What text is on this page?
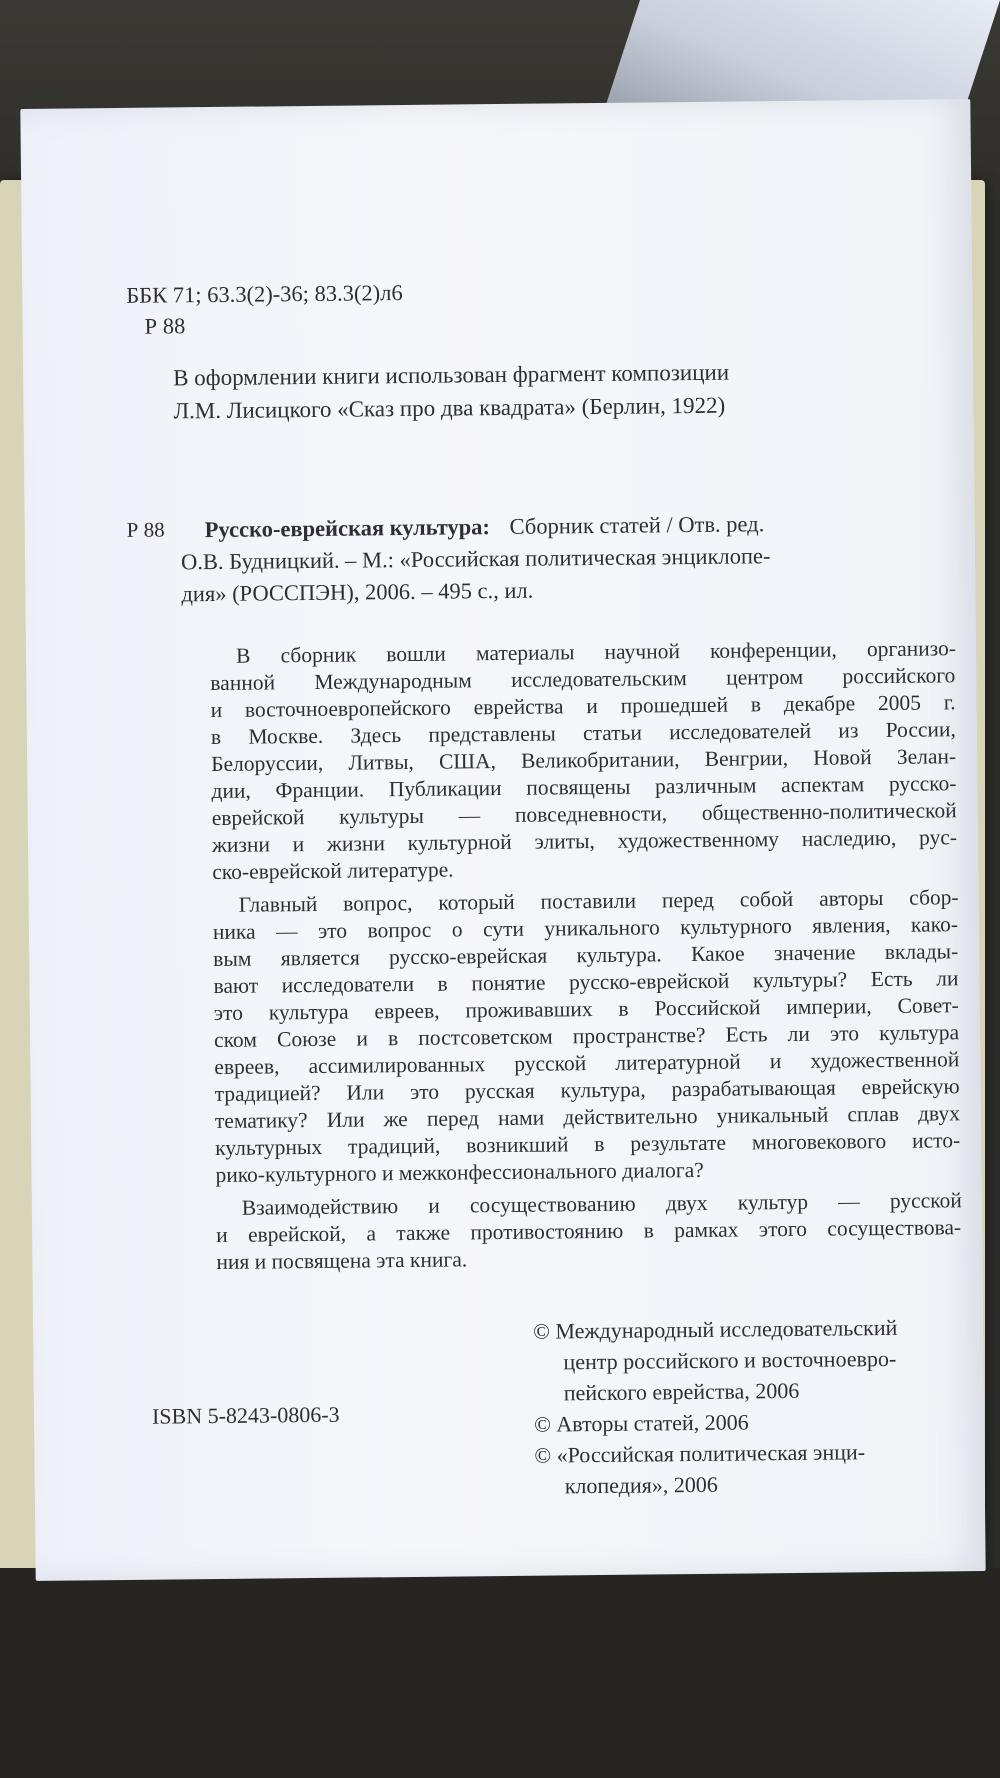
ББК 71; 63.3(2)-36; 83.3(2)л6
Р 88
В оформлении книги использован фрагмент композиции
Л.М. Лисицкого «Сказ про два квадрата» (Берлин, 1922)
Р 88 Русско-еврейская культура: Сборник статей / Отв. ред.
О.В. Будницкий. – М.: «Российская политическая энциклопе-
дия» (РОССПЭН), 2006. – 495 с., ил.
В сборник вошли материалы научной конференции, организо-
ванной Международным исследовательским центром российского
и восточноевропейского еврейства и прошедшей в декабре 2005 г.
в Москве. Здесь представлены статьи исследователей из России,
Белоруссии, Литвы, США, Великобритании, Венгрии, Новой Зелан-
дии, Франции. Публикации посвящены различным аспектам русско-
еврейской культуры — повседневности, общественно-политической
жизни и жизни культурной элиты, художественному наследию, рус-
ско-еврейской литературе.
Главный вопрос, который поставили перед собой авторы сбор-
ника — это вопрос о сути уникального культурного явления, како-
вым является русско-еврейская культура. Какое значение вклады-
вают исследователи в понятие русско-еврейской культуры? Есть ли
это культура евреев, проживавших в Российской империи, Совет-
ском Союзе и в постсоветском пространстве? Есть ли это культура
евреев, ассимилированных русской литературной и художественной
традицией? Или это русская культура, разрабатывающая еврейскую
тематику? Или же перед нами действительно уникальный сплав двух
культурных традиций, возникший в результате многовекового исто-
рико-культурного и межконфессионального диалога?
Взаимодействию и сосуществованию двух культур — русской
и еврейской, а также противостоянию в рамках этого сосуществова-
ния и посвящена эта книга.
ISBN 5-8243-0806-3
© Международный исследовательский
центр российского и восточноевро-
пейского еврейства, 2006
© Авторы статей, 2006
© «Российская политическая энци-
клопедия», 2006
